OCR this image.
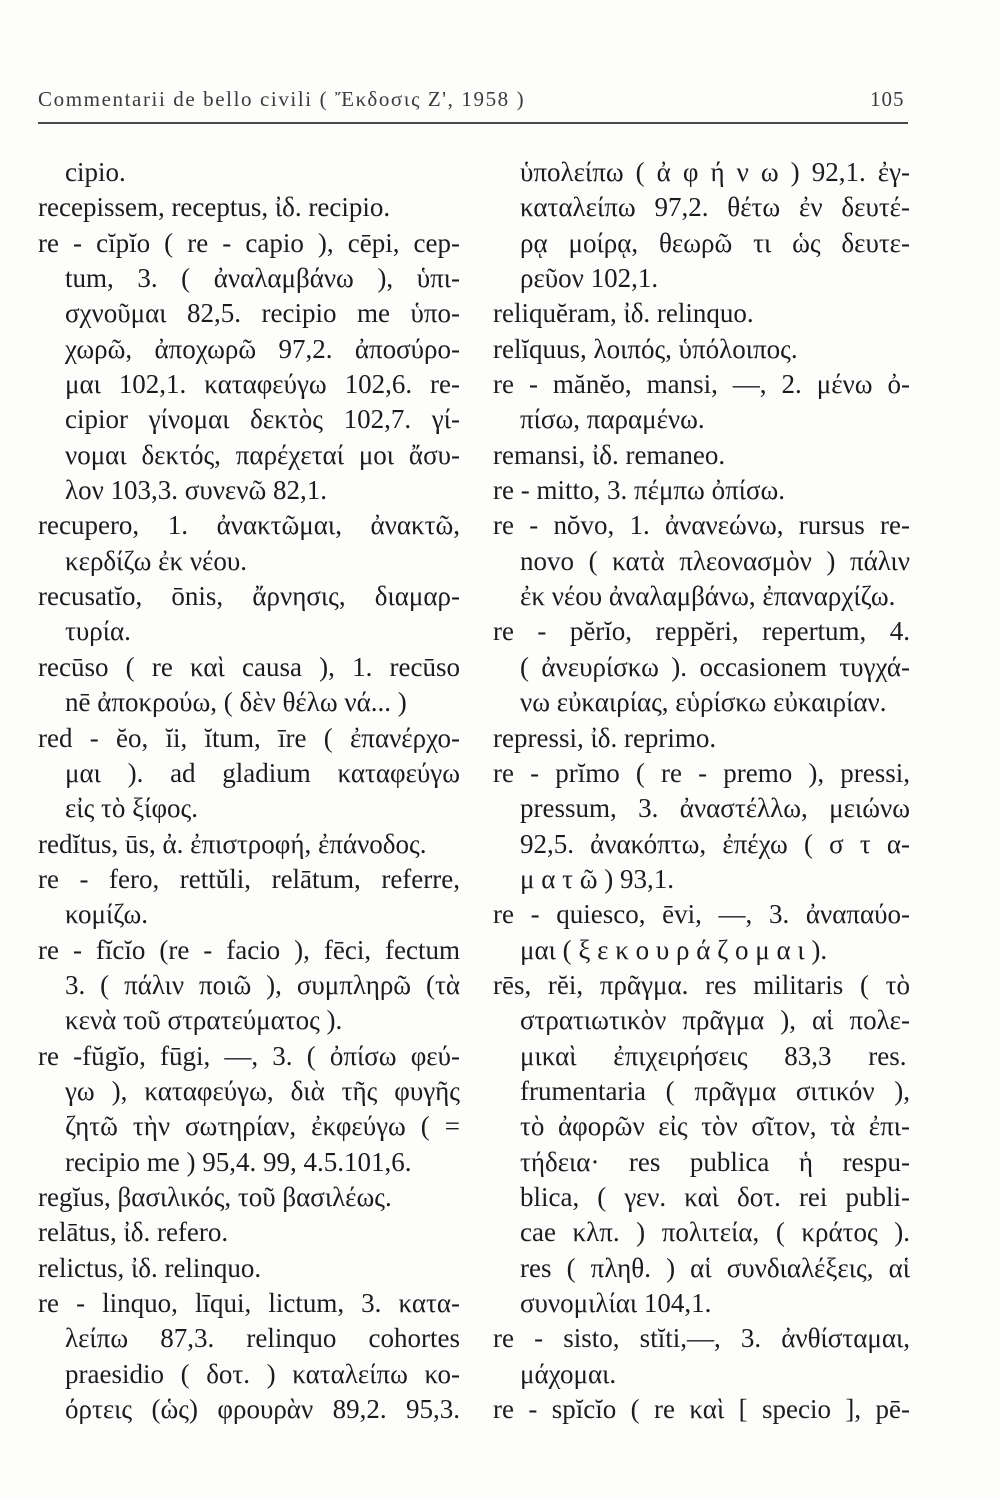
Commentarii de bello civili ( Ἔκδοσις Ζ', 1958 )	105
cipio.
recepissem, receptus, ἰδ. recipio.
re - cĭpĭo ( re - capio ), cēpi, cep-
tum, 3. ( ἀναλαμβάνω ), ὑπι-
σχνοῦμαι 82,5. recipio me ὑπο-
χωρῶ, ἀποχωρῶ 97,2. ἀποσύρο-
μαι 102,1. καταφεύγω 102,6. re-
cipior γίνομαι δεκτὸς 102,7. γί-
νομαι δεκτός, παρέχεταί μοι ἄσυ-
λον 103,3. συνενῶ 82,1.
recupero, 1. ἀνακτῶμαι, ἀνακτῶ,
κερδίζω ἐκ νέου.
recusatĭo, ōnis, ἄρνησις, διαμαρ-
τυρία.
recūso ( re καὶ causa ), 1. recūso
nē ἀποκρούω, ( δὲν θέλω νά... )
red - ĕo, ĭi, ĭtum, īre ( ἐπανέρχο-
μαι ). ad gladium καταφεύγω
εἰς τὸ ξίφος.
redĭtus, ūs, ἀ. ἐπιστροφή, ἐπάνοδος.
re - fero, rettŭli, relātum, referre,
κομίζω.
re - fĭcĭo (re - facio ), fēci, fectum
3. ( πάλιν ποιῶ ), συμπληρῶ (τὰ
κενὰ τοῦ στρατεύματος ).
re -fŭgĭo, fūgi, —, 3. ( ὀπίσω φεύ-
γω ), καταφεύγω, διὰ τῆς φυγῆς
ζητῶ τὴν σωτηρίαν, ἐκφεύγω ( =
recipio me ) 95,4. 99, 4.5.101,6.
regĭus, βασιλικός, τοῦ βασιλέως.
relātus, ἰδ. refero.
relictus, ἰδ. relinquo.
re - linquo, līqui, lictum, 3. κατα-
λείπω 87,3. relinquo cohortes
praesidio ( δοτ. ) καταλείπω κο-
όρτεις (ὡς) φρουρὰν 89,2. 95,3.
ὑπολείπω ( ἀ φ ή ν ω ) 92,1. ἐγ-
καταλείπω 97,2. θέτω ἐν δευτέ-
ρᾳ μοίρᾳ, θεωρῶ τι ὡς δευτε-
ρεῦον 102,1.
reliquĕram, ἰδ. relinquo.
relĭquus, λοιπός, ὑπόλοιπος.
re - mănĕo, mansi, —, 2. μένω ὀ-
πίσω, παραμένω.
remansi, ἰδ. remaneo.
re - mitto, 3. πέμπω ὀπίσω.
re - nŏvo, 1. ἀνανεώνω, rursus re-
novo ( κατὰ πλεονασμὸν ) πάλιν
ἐκ νέου ἀναλαμβάνω, ἐπαναρχίζω.
re - pĕrĭo, reppĕri, repertum, 4.
( ἀνευρίσκω ). occasionem τυγχά-
νω εὐκαιρίας, εὑρίσκω εὐκαιρίαν.
repressi, ἰδ. reprimo.
re - prĭmo ( re - premo ), pressi,
pressum, 3. ἀναστέλλω, μειώνω
92,5. ἀνακόπτω, ἐπέχω ( σ τ α-
μ α τ ῶ ) 93,1.
re - quiesco, ēvi, —, 3. ἀναπαύο-
μαι ( ξ ε κ ο υ ρ ά ζ ο μ α ι ).
rēs, rĕi, πρᾶγμα. res militaris ( τὸ
στρατιωτικὸν πρᾶγμα ), αἱ πολε-
μικαὶ ἐπιχειρήσεις 83,3 res.
frumentaria ( πρᾶγμα σιτικόν ),
τὸ ἀφορῶν εἰς τὸν σῖτον, τὰ ἐπι-
τήδεια· res publica ἡ respu-
blica, ( γεν. καὶ δοτ. rei publi-
cae κλπ. ) πολιτεία, ( κράτος ).
res ( πληθ. ) αἱ συνδιαλέξεις, αἱ
συνομιλίαι 104,1.
re - sisto, stĭti,—, 3. ἀνθίσταμαι,
μάχομαι.
re - spĭcĭo ( re καὶ [ specio ], pē-
